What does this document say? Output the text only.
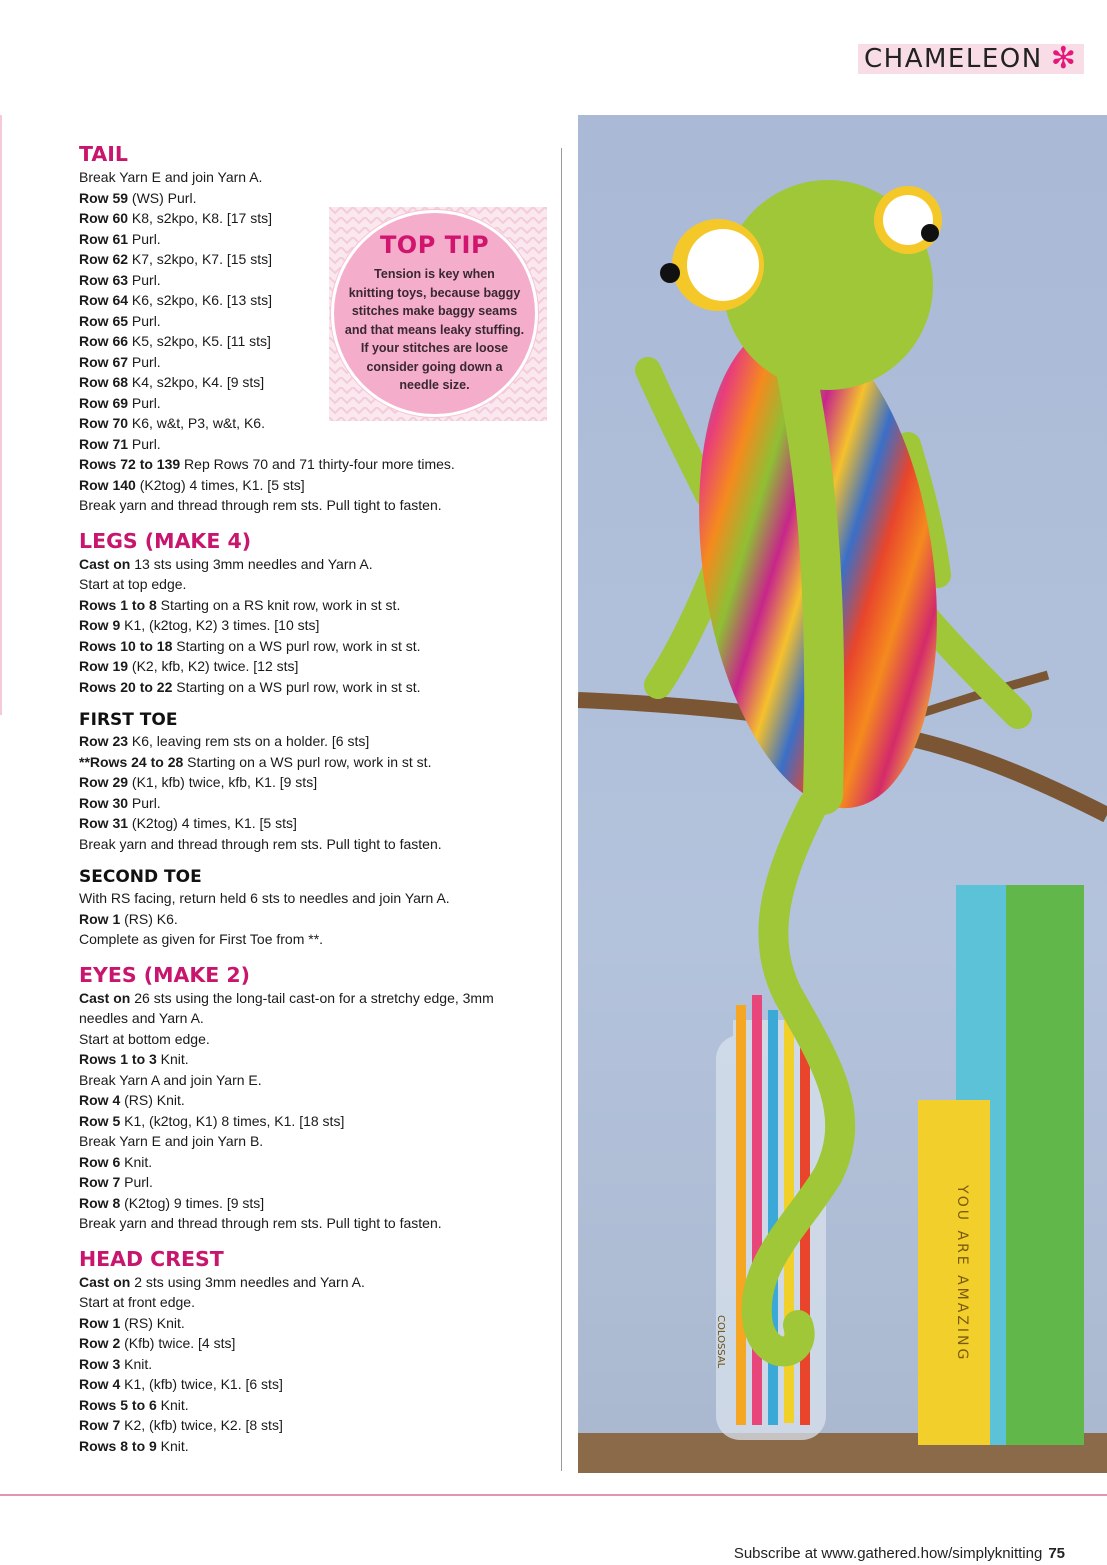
CHAMELEON ✻
TAIL
Break Yarn E and join Yarn A.
Row 59 (WS) Purl.
Row 60 K8, s2kpo, K8. [17 sts]
Row 61 Purl.
Row 62 K7, s2kpo, K7. [15 sts]
Row 63 Purl.
Row 64 K6, s2kpo, K6. [13 sts]
Row 65 Purl.
Row 66 K5, s2kpo, K5. [11 sts]
Row 67 Purl.
Row 68 K4, s2kpo, K4. [9 sts]
Row 69 Purl.
Row 70 K6, w&t, P3, w&t, K6.
Row 71 Purl.
Rows 72 to 139 Rep Rows 70 and 71 thirty-four more times.
Row 140 (K2tog) 4 times, K1. [5 sts]
Break yarn and thread through rem sts. Pull tight to fasten.
LEGS (MAKE 4)
Cast on 13 sts using 3mm needles and Yarn A.
Start at top edge.
Rows 1 to 8 Starting on a RS knit row, work in st st.
Row 9 K1, (k2tog, K2) 3 times. [10 sts]
Rows 10 to 18 Starting on a WS purl row, work in st st.
Row 19 (K2, kfb, K2) twice. [12 sts]
Rows 20 to 22 Starting on a WS purl row, work in st st.
FIRST TOE
Row 23 K6, leaving rem sts on a holder. [6 sts]
**Rows 24 to 28 Starting on a WS purl row, work in st st.
Row 29 (K1, kfb) twice, kfb, K1. [9 sts]
Row 30 Purl.
Row 31 (K2tog) 4 times, K1. [5 sts]
Break yarn and thread through rem sts. Pull tight to fasten.
SECOND TOE
With RS facing, return held 6 sts to needles and join Yarn A.
Row 1 (RS) K6.
Complete as given for First Toe from **.
EYES (MAKE 2)
Cast on 26 sts using the long-tail cast-on for a stretchy edge, 3mm
needles and Yarn A.
Start at bottom edge.
Rows 1 to 3 Knit.
Break Yarn A and join Yarn E.
Row 4 (RS) Knit.
Row 5 K1, (k2tog, K1) 8 times, K1. [18 sts]
Break Yarn E and join Yarn B.
Row 6 Knit.
Row 7 Purl.
Row 8 (K2tog) 9 times. [9 sts]
Break yarn and thread through rem sts. Pull tight to fasten.
HEAD CREST
Cast on 2 sts using 3mm needles and Yarn A.
Start at front edge.
Row 1 (RS) Knit.
Row 2 (Kfb) twice. [4 sts]
Row 3 Knit.
Row 4 K1, (kfb) twice, K1. [6 sts]
Rows 5 to 6 Knit.
Row 7 K2, (kfb) twice, K2. [8 sts]
Rows 8 to 9 Knit.
TOP TIP
Tension is key when
knitting toys, because baggy
stitches make baggy seams
and that means leaky stuffing.
If your stitches are loose
consider going down a
needle size.
YOU ARE AMAZING
COLOSSAL
Subscribe at www.gathered.how/simplyknitting 75
